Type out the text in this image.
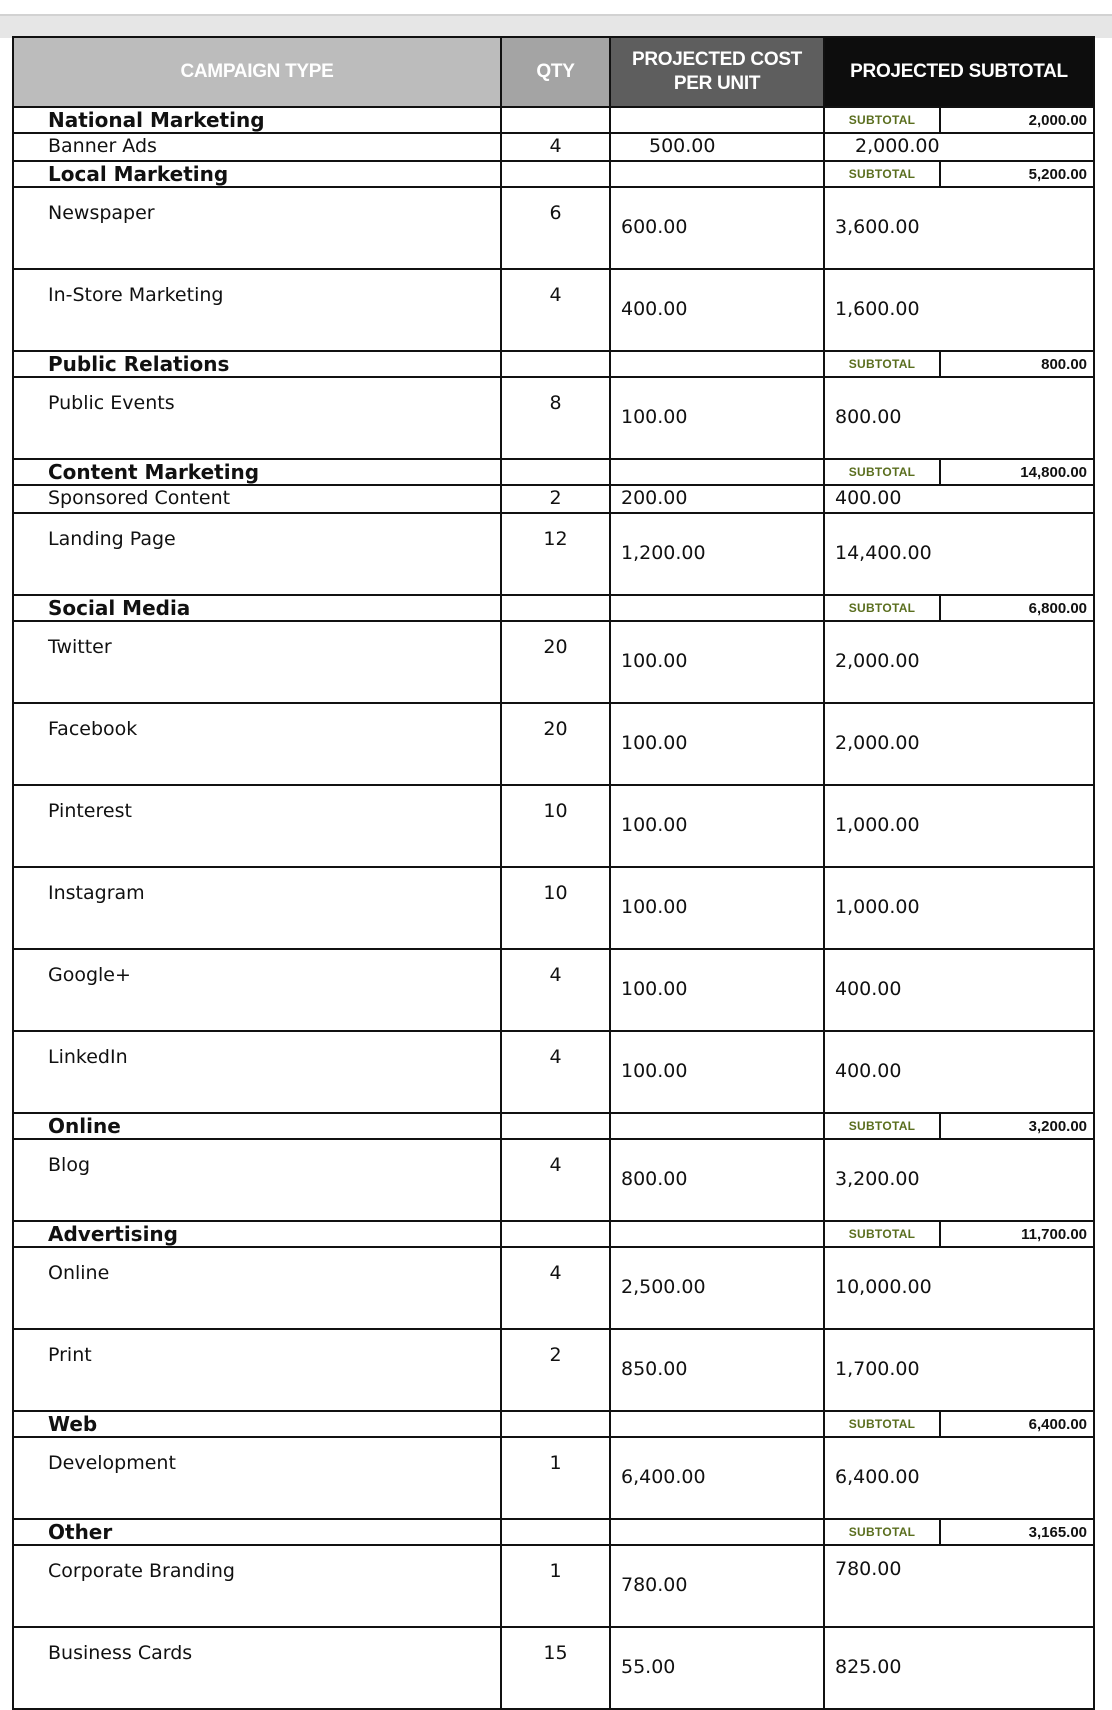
CAMPAIGN TYPE	QTY	PROJECTED COST PER UNIT	PROJECTED SUBTOTAL	
National Marketing			SUBTOTAL	2,000.00
Banner Ads	4	500.00	2,000.00	
Local Marketing			SUBTOTAL	5,200.00
Newspaper	6	600.00	3,600.00	
In-Store Marketing	4	400.00	1,600.00	
Public Relations			SUBTOTAL	800.00
Public Events	8	100.00	800.00	
Content Marketing			SUBTOTAL	14,800.00
Sponsored Content	2	200.00	400.00	
Landing Page	12	1,200.00	14,400.00	
Social Media			SUBTOTAL	6,800.00
Twitter	20	100.00	2,000.00	
Facebook	20	100.00	2,000.00	
Pinterest	10	100.00	1,000.00	
Instagram	10	100.00	1,000.00	
Google+	4	100.00	400.00	
LinkedIn	4	100.00	400.00	
Online			SUBTOTAL	3,200.00
Blog	4	800.00	3,200.00	
Advertising			SUBTOTAL	11,700.00
Online	4	2,500.00	10,000.00	
Print	2	850.00	1,700.00	
Web			SUBTOTAL	6,400.00
Development	1	6,400.00	6,400.00	
Other			SUBTOTAL	3,165.00
Corporate Branding	1	780.00	780.00	
Business Cards	15	55.00	825.00	
